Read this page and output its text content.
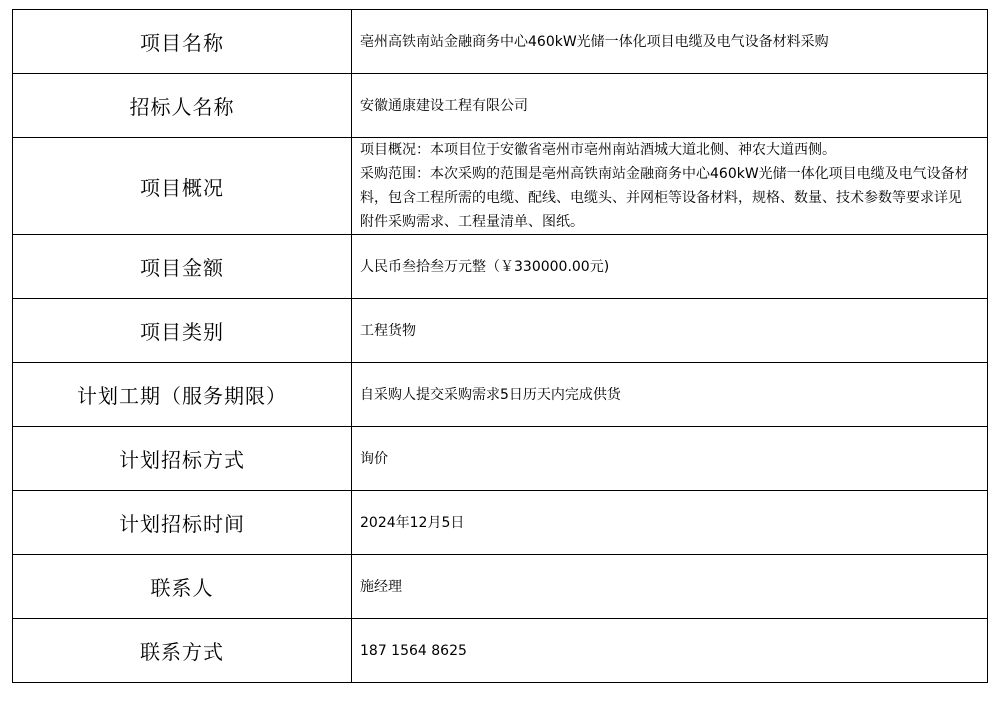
项目名称	亳州高铁南站金融商务中心460kW光储一体化项目电缆及电气设备材料采购
招标人名称	安徽通康建设工程有限公司
项目概况	项目概况：本项目位于安徽省亳州市亳州南站酒城大道北侧、神农大道西侧。
采购范围：本次采购的范围是亳州高铁南站金融商务中心460kW光储一体化项目电缆及电气设备材料，包含工程所需的电缆、配线、电缆头、并网柜等设备材料，规格、数量、技术参数等要求详见附件采购需求、工程量清单、图纸。

项目金额	人民币叁拾叁万元整（￥330000.00元)
项目类别	工程货物
计划工期（服务期限）	自采购人提交采购需求5日历天内完成供货
计划招标方式	询价
计划招标时间	2024年12月5日
联系人	施经理
联系方式	187 1564 8625
